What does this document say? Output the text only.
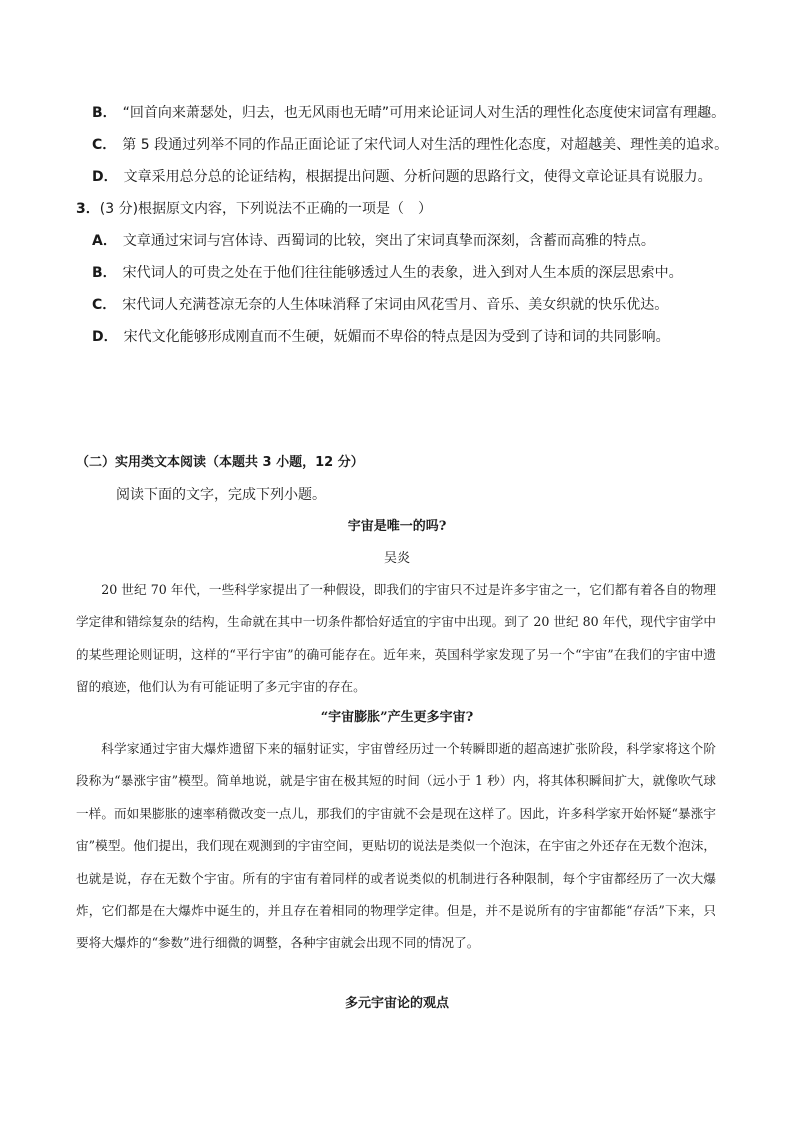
B． “回首向来萧瑟处，归去，也无风雨也无晴”可用来论证词人对生活的理性化态度使宋词富有理趣。
C． 第 5 段通过列举不同的作品正面论证了宋代词人对生活的理性化态度，对超越美、理性美的追求。
D． 文章采用总分总的论证结构，根据提出问题、分析问题的思路行文，使得文章论证具有说服力。
3．(3 分)根据原文内容，下列说法不正确的一项是（　）
A． 文章通过宋词与宫体诗、西蜀词的比较，突出了宋词真挚而深刻，含蓄而高雅的特点。
B． 宋代词人的可贵之处在于他们往往能够透过人生的表象，进入到对人生本质的深层思索中。
C． 宋代词人充满苍凉无奈的人生体味消释了宋词由风花雪月、音乐、美女织就的快乐优达。
D． 宋代文化能够形成刚直而不生硬，妩媚而不卑俗的特点是因为受到了诗和词的共同影响。
（二）实用类文本阅读（本题共 3 小题，12 分）
阅读下面的文字，完成下列小题。
宇宙是唯一的吗?
吴炎

20 世纪 70 年代，一些科学家提出了一种假设，即我们的宇宙只不过是许多宇宙之一，它们都有着各自的物理学定律和错综复杂的结构，生命就在其中一切条件都恰好适宜的宇宙中出现。到了 20 世纪 80 年代，现代宇宙学中的某些理论则证明，这样的“平行宇宙”的确可能存在。近年来，英国科学家发现了另一个“宇宙”在我们的宇宙中遗留的痕迹，他们认为有可能证明了多元宇宙的存在。

“宇宙膨胀”产生更多宇宙?

科学家通过宇宙大爆炸遗留下来的辐射证实，宇宙曾经历过一个转瞬即逝的超高速扩张阶段，科学家将这个阶段称为“暴涨宇宙”模型。简单地说，就是宇宙在极其短的时间（远小于 1 秒）内，将其体积瞬间扩大，就像吹气球一样。而如果膨胀的速率稍微改变一点儿，那我们的宇宙就不会是现在这样了。因此，许多科学家开始怀疑“暴涨宇宙”模型。他们提出，我们现在观测到的宇宙空间，更贴切的说法是类似一个泡沫，在宇宙之外还存在无数个泡沫，也就是说，存在无数个宇宙。所有的宇宙有着同样的或者说类似的机制进行各种限制，每个宇宙都经历了一次大爆炸，它们都是在大爆炸中诞生的，并且存在着相同的物理学定律。但是，并不是说所有的宇宙都能“存活”下来，只要将大爆炸的“参数”进行细微的调整，各种宇宙就会出现不同的情况了。

多元宇宙论的观点
